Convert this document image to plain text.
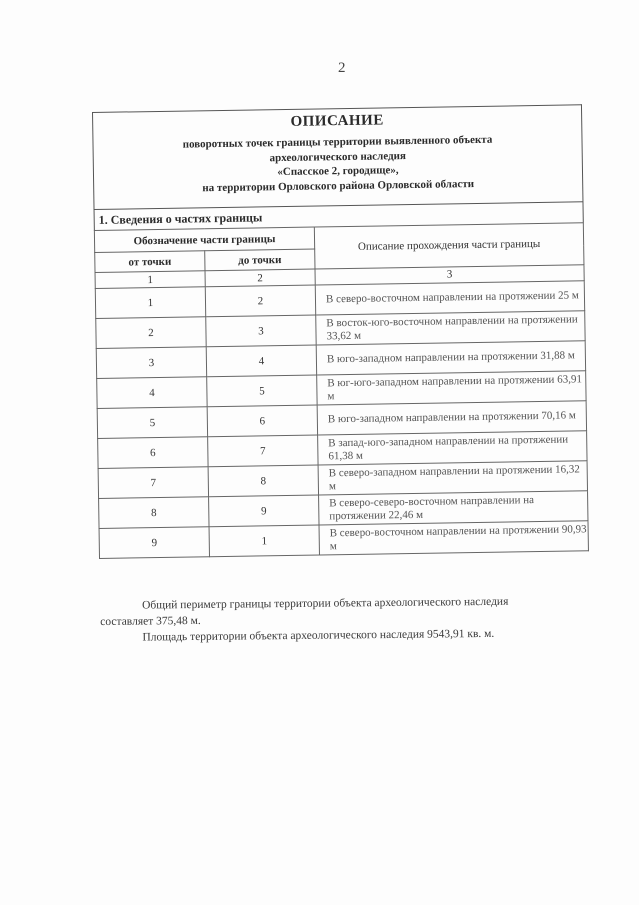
2
ОПИСАНИЕ
поворотных точек границы территории выявленного объекта
археологического наследия
«Спасское 2, городище»,
на территории Орловского района Орловской области
1. Сведения о частях границы
Обозначение части границы		Описание прохождения части границы
от точки	до точки	
1	2	3
1	2	В северо-восточном направлении на протяжении 25 м
2	3	В восток-юго-восточном направлении на протяжении 33,62 м
3	4	В юго-западном направлении на протяжении 31,88 м
4	5	В юг-юго-западном направлении на протяжении 63,91 м
5	6	В юго-западном направлении на протяжении 70,16 м
6	7	В запад-юго-западном направлении на протяжении 61,38 м
7	8	В северо-западном направлении на протяжении 16,32 м
8	9	В северо-северо-восточном направлении на протяжении 22,46 м
9	1	В северо-восточном направлении на протяжении 90,93 м

Общий периметр границы территории объекта археологического наследия

составляет 375,48 м.

Площадь территории объекта археологического наследия 9543,91 кв. м.
